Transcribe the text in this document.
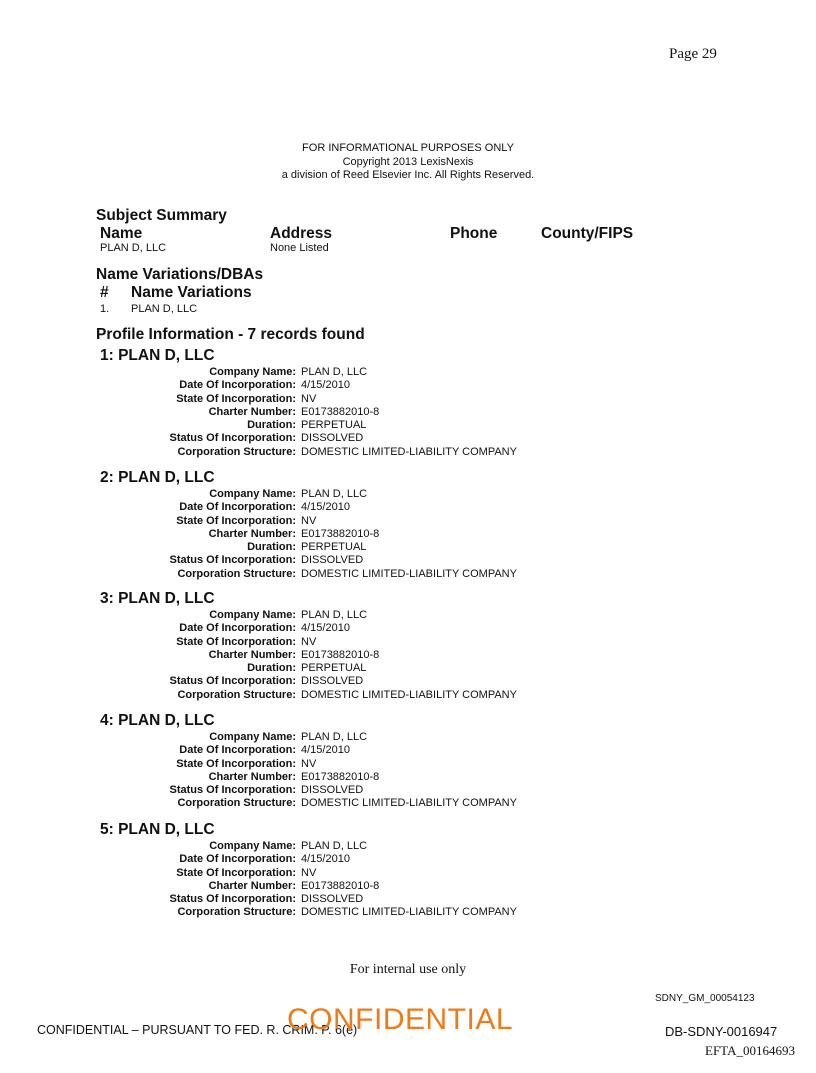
Page 29
FOR INFORMATIONAL PURPOSES ONLY
Copyright 2013 LexisNexis
a division of Reed Elsevier Inc. All Rights Reserved.
Subject Summary
Name	Address	Phone	County/FIPS
PLAN D, LLC	None Listed
Name Variations/DBAs
# Name Variations
1. PLAN D, LLC
Profile Information - 7 records found
1: PLAN D, LLC
Company Name: PLAN D, LLC
Date Of Incorporation: 4/15/2010
State Of Incorporation: NV
Charter Number: E0173882010-8
Duration: PERPETUAL
Status Of Incorporation: DISSOLVED
Corporation Structure: DOMESTIC LIMITED-LIABILITY COMPANY
2: PLAN D, LLC
Company Name: PLAN D, LLC
Date Of Incorporation: 4/15/2010
State Of Incorporation: NV
Charter Number: E0173882010-8
Duration: PERPETUAL
Status Of Incorporation: DISSOLVED
Corporation Structure: DOMESTIC LIMITED-LIABILITY COMPANY
3: PLAN D, LLC
Company Name: PLAN D, LLC
Date Of Incorporation: 4/15/2010
State Of Incorporation: NV
Charter Number: E0173882010-8
Duration: PERPETUAL
Status Of Incorporation: DISSOLVED
Corporation Structure: DOMESTIC LIMITED-LIABILITY COMPANY
4: PLAN D, LLC
Company Name: PLAN D, LLC
Date Of Incorporation: 4/15/2010
State Of Incorporation: NV
Charter Number: E0173882010-8
Status Of Incorporation: DISSOLVED
Corporation Structure: DOMESTIC LIMITED-LIABILITY COMPANY
5: PLAN D, LLC
Company Name: PLAN D, LLC
Date Of Incorporation: 4/15/2010
State Of Incorporation: NV
Charter Number: E0173882010-8
Status Of Incorporation: DISSOLVED
Corporation Structure: DOMESTIC LIMITED-LIABILITY COMPANY
For internal use only
SDNY_GM_00054123
CONFIDENTIAL – PURSUANT TO FED. R. CRIM. P. 6(e)
CONFIDENTIAL	DB-SDNY-0016947
EFTA_00164693
